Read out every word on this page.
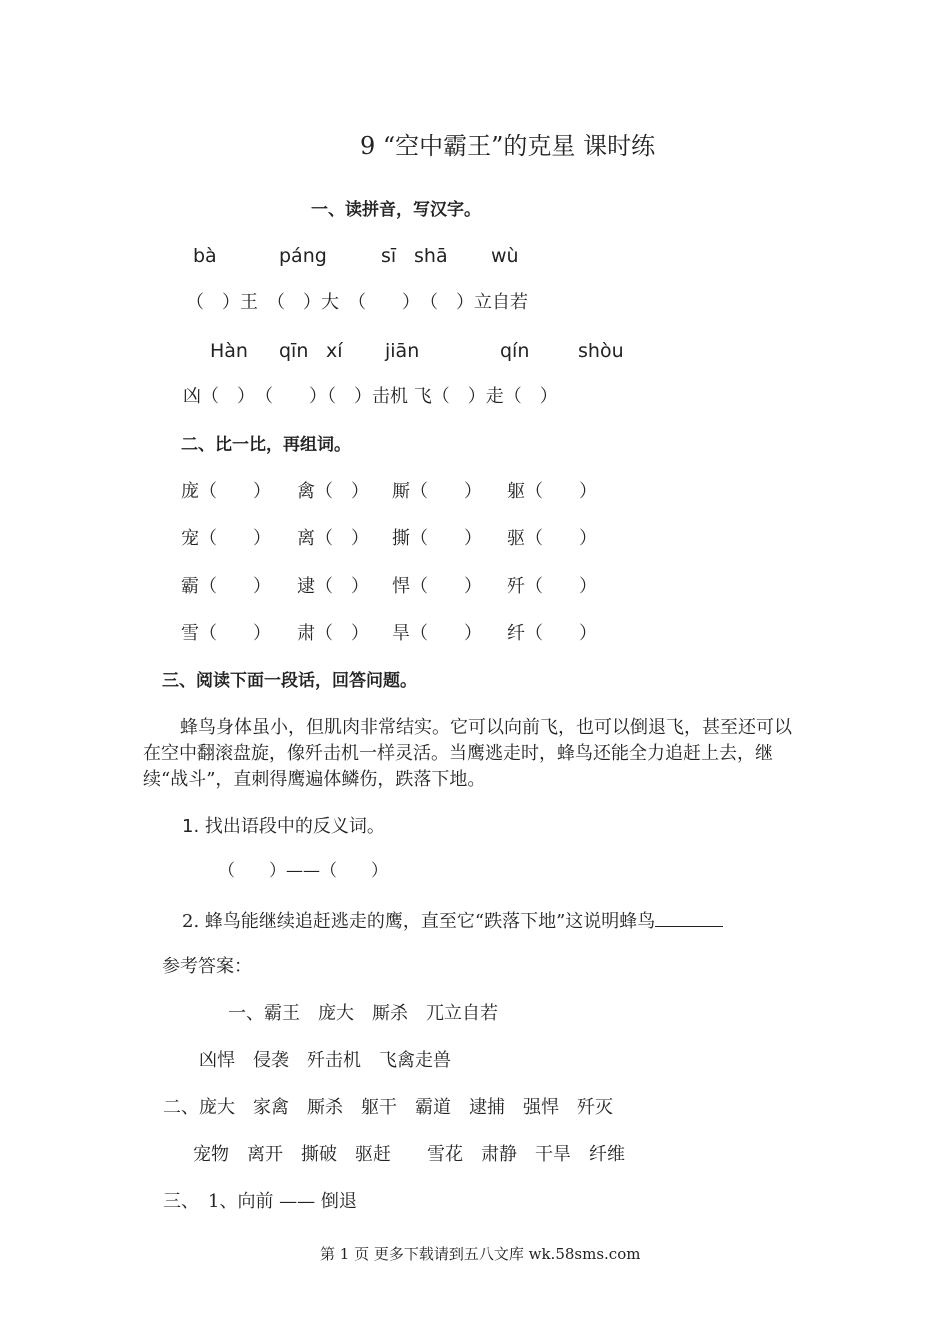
9 “空中霸王”的克星 课时练
一、读拼音，写汉字。
bà	páng	sī shā wù
（　）王　（　）大　（　　）　（　）立自若
Hàn qīn xí jiān	qín	shòu
凶（　）　（　　）（　）击机 飞（　）走（　）
二、比一比，再组词。
庞（　　） 禽（　） 厮（　　） 躯（　　）
宠（　　） 离（　） 撕（　　） 驱（　　）
霸（　　） 逮（　） 悍（　　） 歼（　　）
雪（　　） 肃（　） 旱（　　） 纤（　　）
三、阅读下面一段话，回答问题。
蜂鸟身体虽小，但肌肉非常结实。它可以向前飞，也可以倒退飞，甚至还可以在空中翻滚盘旋，像歼击机一样灵活。当鹰逃走时，蜂鸟还能全力追赶上去，继续“战斗”，直刺得鹰遍体鳞伤，跌落下地。
1. 找出语段中的反义词。
（　　）——（　　）
2. 蜂鸟能继续追赶逃走的鹰，直至它“跌落下地”这说明蜂鸟
参考答案：
一、霸王　庞大　厮杀　兀立自若
凶悍　侵袭　歼击机　飞禽走兽
二、庞大　家禽　厮杀　躯干　霸道　逮捕　强悍　歼灭
宠物　离开　撕破　驱赶　　雪花　肃静　干旱　纤维
三、　1、向前 —— 倒退
第 1 页 更多下载请到五八文库 wk.58sms.com
